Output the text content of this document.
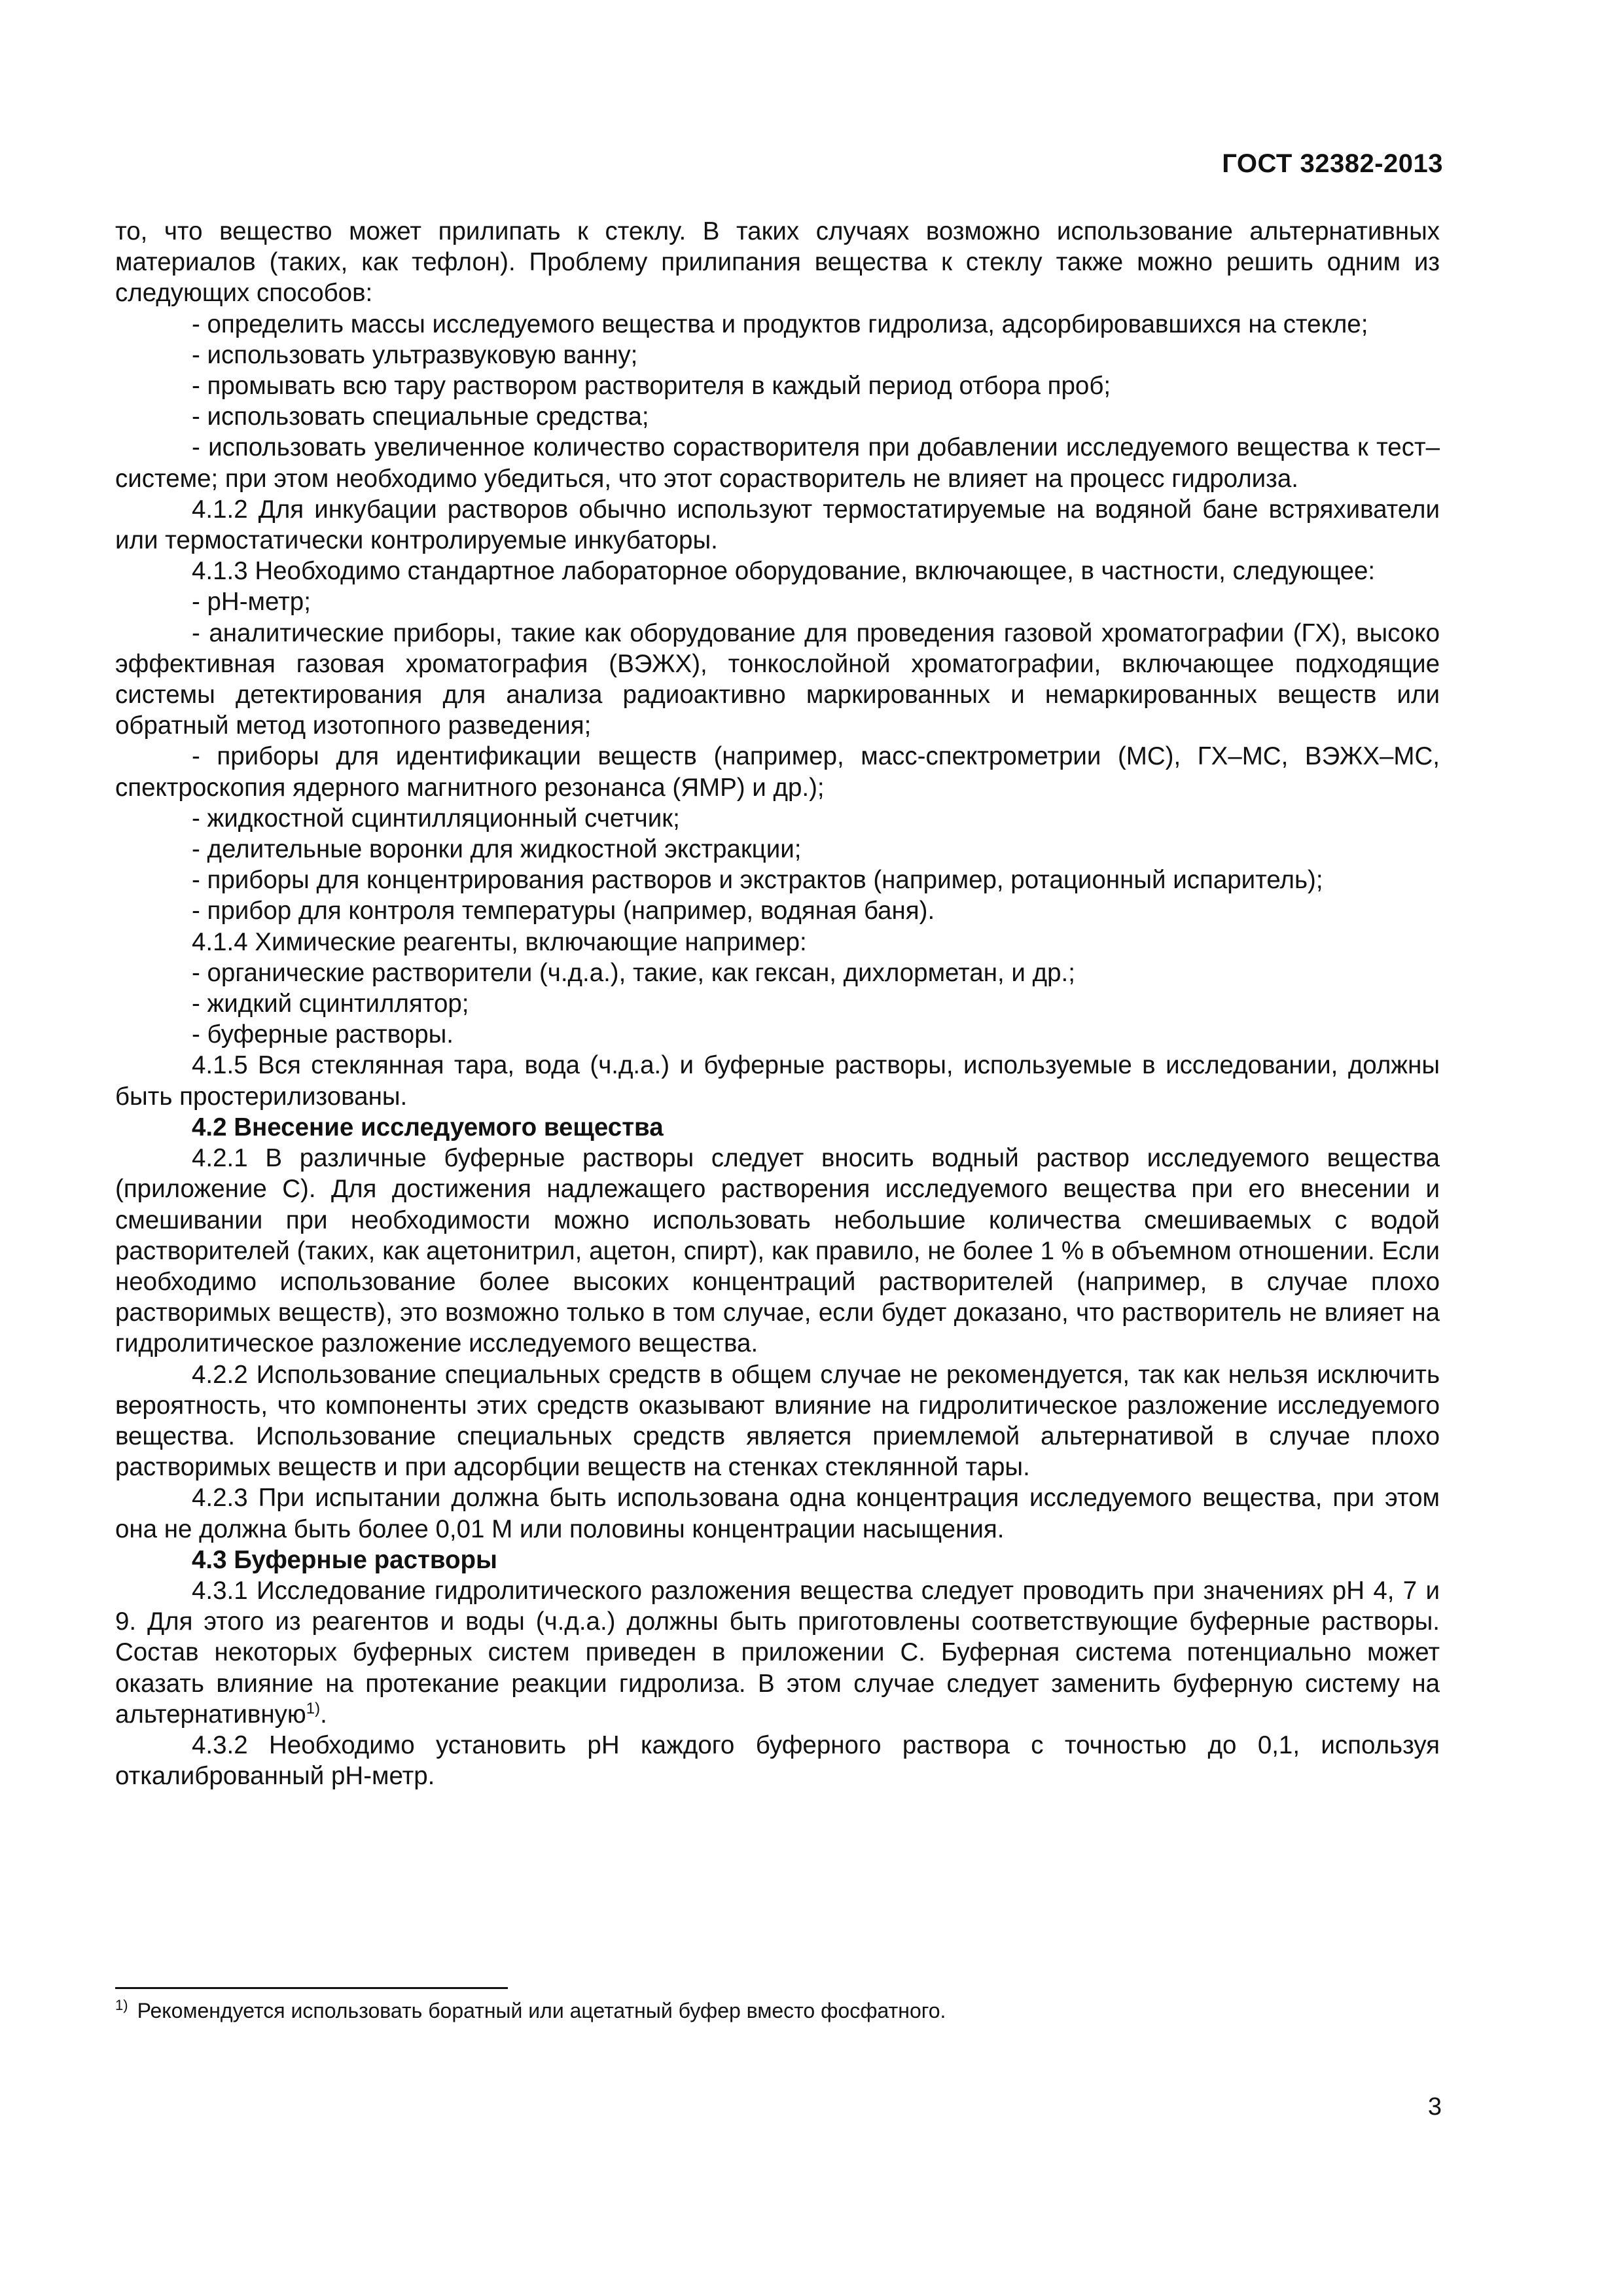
ГОСТ 32382-2013

то, что вещество может прилипать к стеклу. В таких случаях возможно использование альтернативных материалов (таких, как тефлон). Проблему прилипания вещества к стеклу также можно решить одним из следующих способов:

- определить массы исследуемого вещества и продуктов гидролиза, адсорбировавшихся на стекле;

- использовать ультразвуковую ванну;

- промывать всю тару раствором растворителя в каждый период отбора проб;

- использовать специальные средства;

- использовать увеличенное количество сорастворителя при добавлении исследуемого вещества к тест–системе; при этом необходимо убедиться, что этот сорастворитель не влияет на процесс гидролиза.

4.1.2 Для инкубации растворов обычно используют термостатируемые на водяной бане встряхиватели или термостатически контролируемые инкубаторы.

4.1.3 Необходимо стандартное лабораторное оборудование, включающее, в частности, следующее:

- рН-метр;

- аналитические приборы, такие как оборудование для проведения газовой хроматографии (ГХ), высоко эффективная газовая хроматография (ВЭЖХ), тонкослойной хроматографии, включающее подходящие системы детектирования для анализа радиоактивно маркированных и немаркированных веществ или обратный метод изотопного разведения;

- приборы для идентификации веществ (например, масс-спектрометрии (МС), ГХ–МС, ВЭЖХ–МС, спектроскопия ядерного магнитного резонанса (ЯМР) и др.);

- жидкостной сцинтилляционный счетчик;

- делительные воронки для жидкостной экстракции;

- приборы для концентрирования растворов и экстрактов (например, ротационный испаритель);

- прибор для контроля температуры (например, водяная баня).

4.1.4 Химические реагенты, включающие например:

- органические растворители (ч.д.а.), такие, как гексан, дихлорметан, и др.;

- жидкий сцинтиллятор;

- буферные растворы.

4.1.5 Вся стеклянная тара, вода (ч.д.а.) и буферные растворы, используемые в исследовании, должны быть простерилизованы.

4.2 Внесение исследуемого вещества

4.2.1 В различные буферные растворы следует вносить водный раствор исследуемого вещества (приложение С). Для достижения надлежащего растворения исследуемого вещества при его внесении и смешивании при необходимости можно использовать небольшие количества смешиваемых с водой растворителей (таких, как ацетонитрил, ацетон, спирт), как правило, не более 1 % в объемном отношении. Если необходимо использование более высоких концентраций растворителей (например, в случае плохо растворимых веществ), это возможно только в том случае, если будет доказано, что растворитель не влияет на гидролитическое разложение исследуемого вещества.

4.2.2 Использование специальных средств в общем случае не рекомендуется, так как нельзя исключить вероятность, что компоненты этих средств оказывают влияние на гидролитическое разложение исследуемого вещества. Использование специальных средств является приемлемой альтернативой в случае плохо растворимых веществ и при адсорбции веществ на стенках стеклянной тары.

4.2.3 При испытании должна быть использована одна концентрация исследуемого вещества, при этом она не должна быть более 0,01 М или половины концентрации насыщения.

4.3 Буферные растворы

4.3.1 Исследование гидролитического разложения вещества следует проводить при значениях рН 4, 7 и 9. Для этого из реагентов и воды (ч.д.а.) должны быть приготовлены соответствующие буферные растворы. Состав некоторых буферных систем приведен в приложении С. Буферная система потенциально может оказать влияние на протекание реакции гидролиза. В этом случае следует заменить буферную систему на альтернативную$^{1)}$.

4.3.2 Необходимо установить рН каждого буферного раствора с точностью до 0,1, используя откалиброванный рН-метр.

$^{1)}$ Рекомендуется использовать боратный или ацетатный буфер вместо фосфатного.
3
